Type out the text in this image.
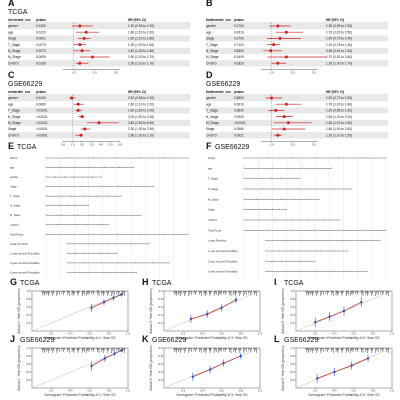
A
TCGA
Univariate_cox pvalue	HR (95% CI)
gender	0.1300	1.30 (0.93 to 1.90)
age	0.0120	1.60 (1.10 to 2.20)
Stage	0.0001	1.50 (1.20 to 1.80)
T_Stage	0.0270	1.30 (1.00 to 1.60)
N_Stage	0.0270	1.40 (1.00 to 1.80)
M_Stage	0.0005	1.90 (1.30 to 2.70)
CHSY3	0.0160	1.30 (1.10 to 1.70)
1.0	2.0	3.0
B
Multivariate_cox pvalue	HR (95% CI)
gender	0.1700	1.30 (0.89 to 1.90)
age	0.0013	1.70 (1.20 to 2.50)
Stage	0.2700	1.40 (0.79 to 2.40)
T_Stage	0.7100	1.10 (0.78 to 1.40)
N_Stage	0.8300	0.96 (0.61 to 1.50)
M_Stage	0.1600	1.70 (0.81 to 3.60)
CHSY3	0.0320	1.30 (1.00 to 1.70)
1.0	2.0	3.0
C
GSE66229
univariate_cox pvalue	HR (95% CI)
gender	0.6100	0.92 (0.66 to 1.30)
age	0.0060	1.60 (1.10 to 2.20)
T_Stage	<0.0001	1.60 (1.30 to 2.00)
N_Stage	<0.0001	2.00 (1.60 to 2.30)
M_Stage	<0.0001	3.80 (2.50 to 5.90)
Stage	<0.0001	2.30 (1.90 to 2.90)
CHSY3	<0.0001	1.90 (1.30 to 2.10)
0.0 1.0 2.0 3.0 4.0 5.0 6.0
D
GSE66229
Multivariate_cox pvalue	HR (95% CI)
gender	0.8500	1.00 (0.73 to 1.50)
age	0.0010	1.70 (1.20 to 2.40)
T_Stage	0.3500	1.20 (0.85 to 1.60)
N_Stage	0.0005	1.60 (1.20 to 2.00)
M_Stage	<0.0001	1.80 (1.10 to 2.90)
Stage	0.0460	1.60 (1.00 to 2.60)
CHSY3	0.0021	1.30 (1.10 to 1.50)
1.0	2.0	3.0
E TCGA
Points
age
gender
Stage
T_Stage
N_Stage
M_Stage
CHSY3
Total Points
Linear Predictor
1-year survival Probability
3-year survival Probability
5-year survival Probability
F GSE66229
Points
age
T_Stage
N_Stage
M_Stage
Stage
CHSY3
Total Points
Linear Predictor
1-year survival Probability
3-year survival Probability
5-year survival Probability
G TCGA
0.2
0.2
0.4
0.4
0.6
0.6
0.8
0.8
1.0
1.0
Nomogram−Predicted Probability of 1−Year OS
Actual 1−Year OS (proportion)
H TCGA
0.2
0.2
0.4
0.4
0.6
0.6
0.8
0.8
1.0
1.0
Nomogram−Predicted Probability of 3−Year OS
Actual 3−Year OS (proportion)
I TCGA
0.2
0.2
0.4
0.4
0.6
0.6
0.8
0.8
1.0
1.0
Nomogram−Predicted Probability of 5−Year OS
Actual 5−Year OS (proportion)
J GSE66229
0.2
0.2
0.4
0.4
0.6
0.6
0.8
0.8
1.0
1.0
Nomogram−Predicted Probability of 1−Year OS
Actual 1−Year OS (proportion)
K GSE66229
0.2
0.2
0.4
0.4
0.6
0.6
0.8
0.8
1.0
1.0
Nomogram−Predicted Probability of 3−Year OS
Actual 3−Year OS (proportion)
L GSE66229
0.2
0.2
0.4
0.4
0.6
0.6
0.8
0.8
1.0
1.0
Nomogram−Predicted Probability of 5−Year OS
Actual 5−Year OS (proportion)
